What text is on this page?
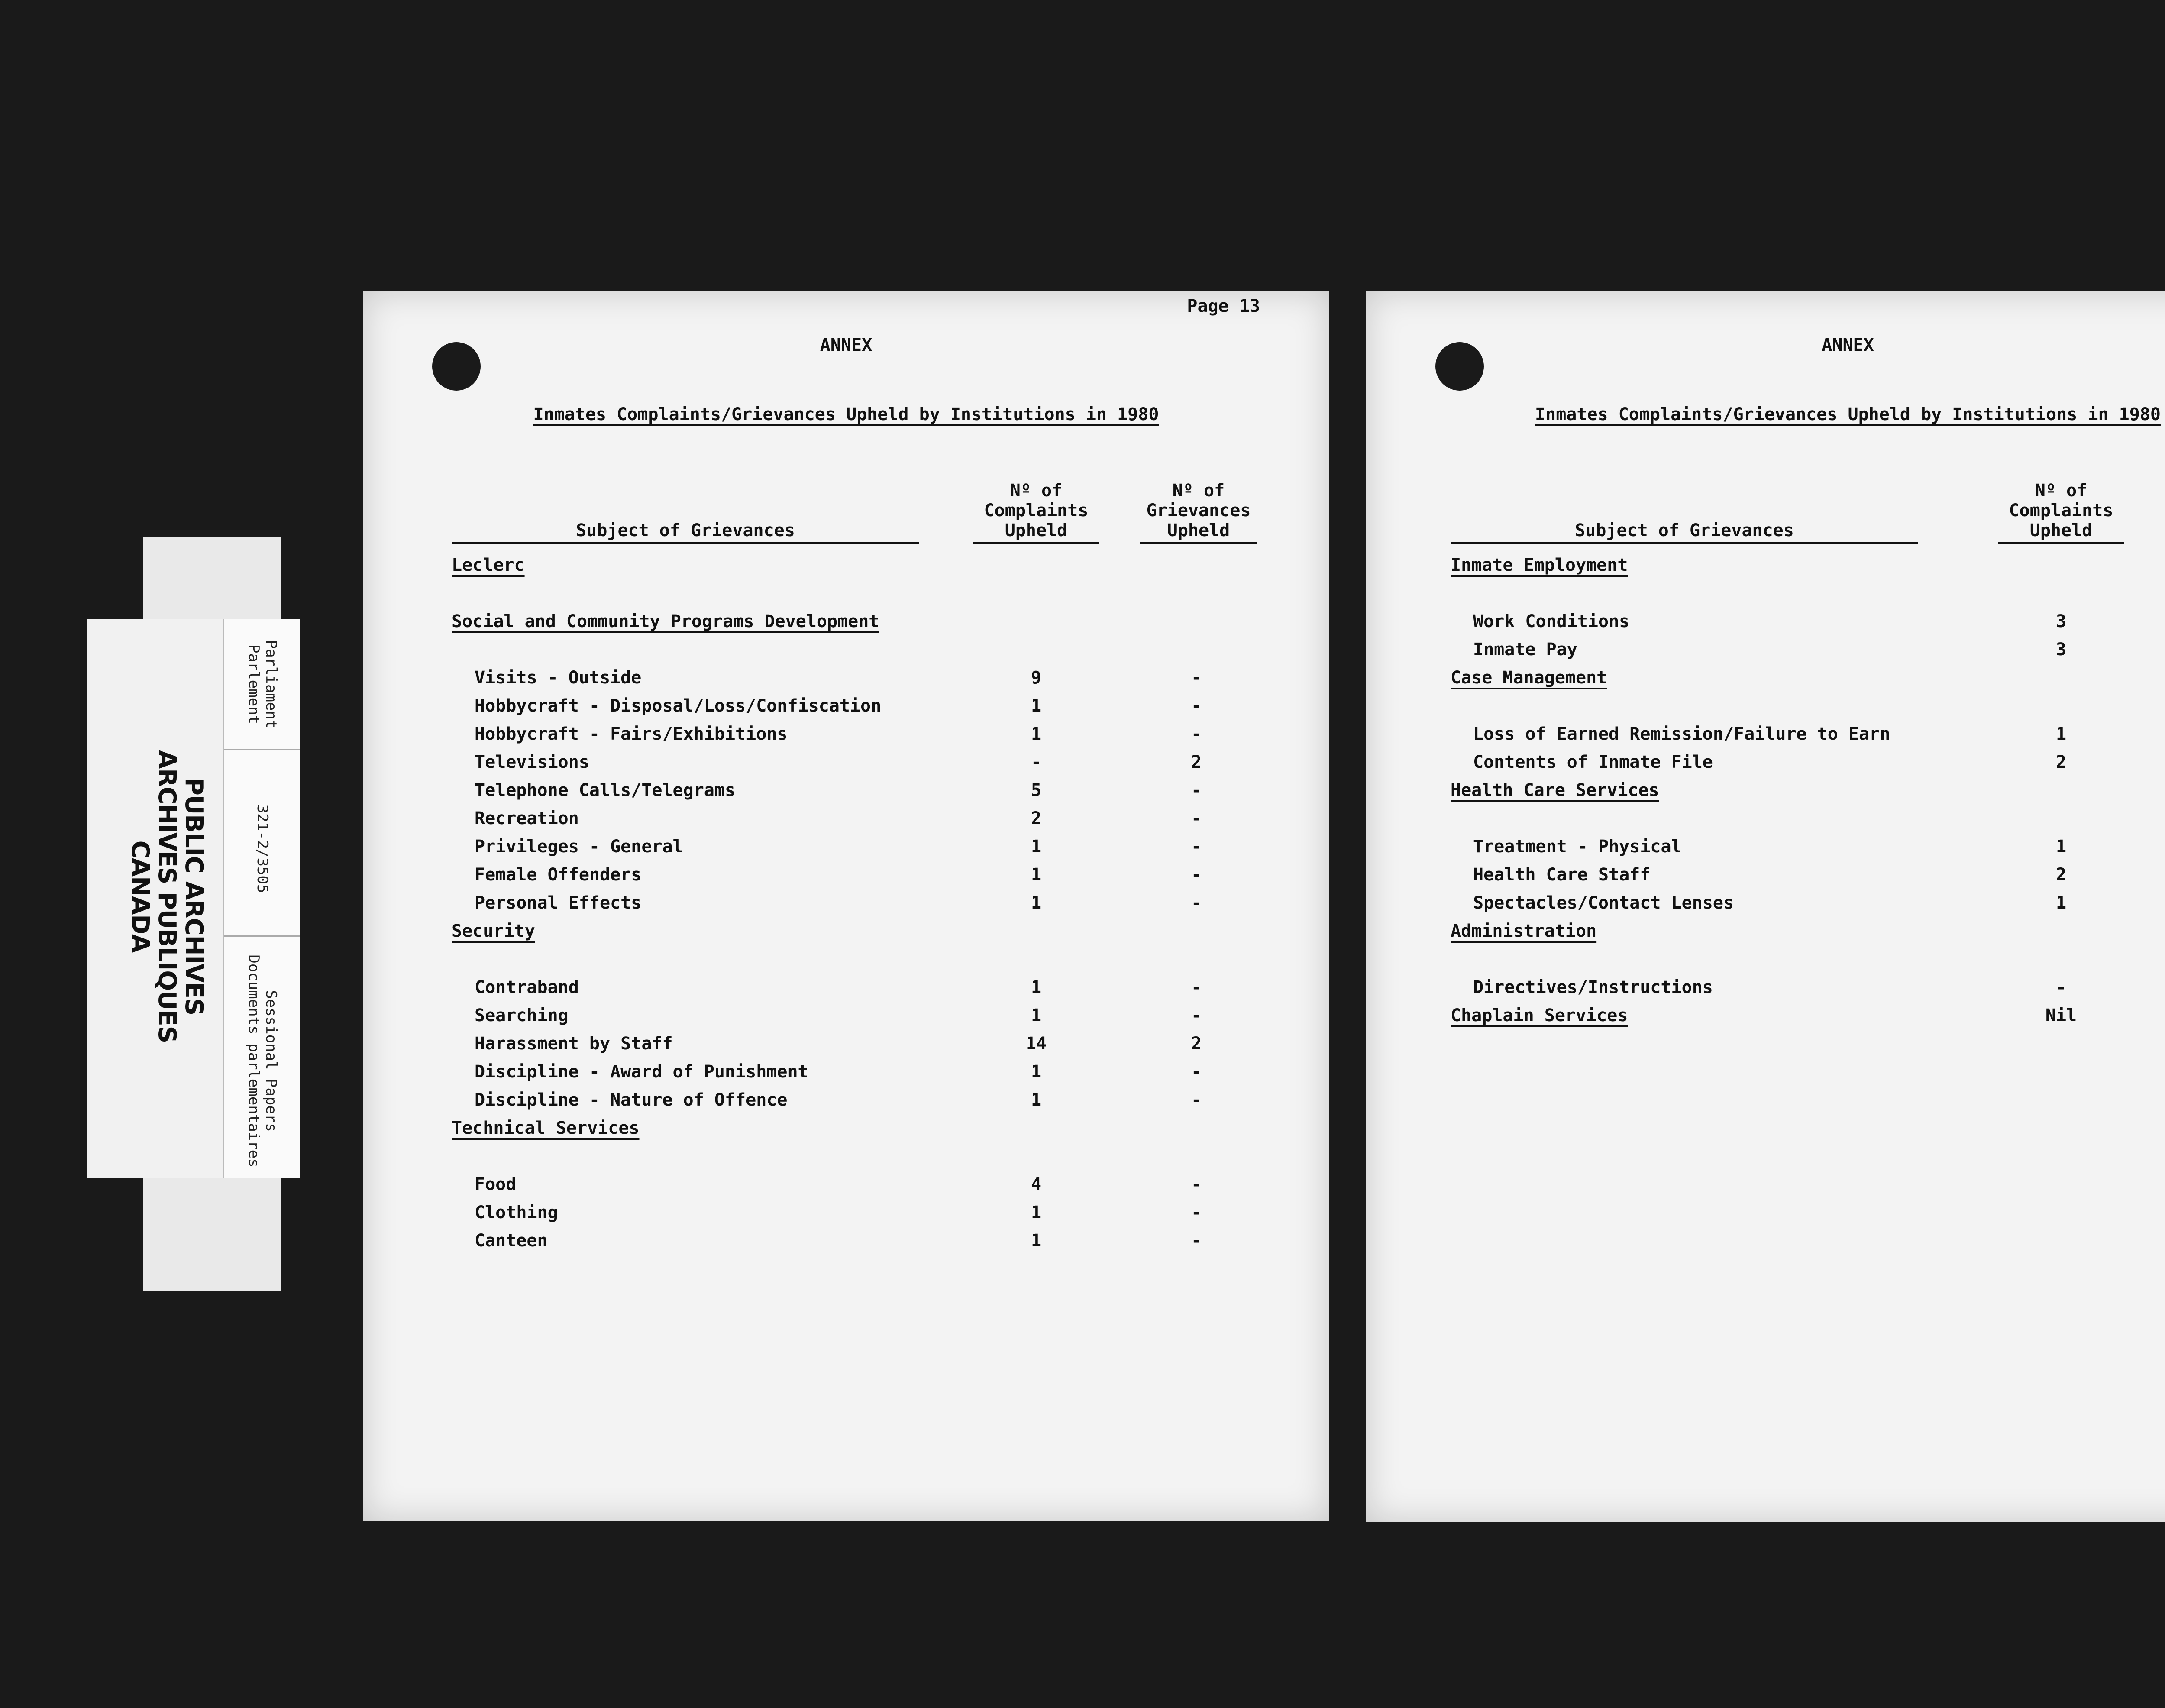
PUBLIC ARCHIVES
ARCHIVES PUBLIQUES
CANADA
Parliament
Parlement
321-2/3505
Sessional Papers
Documents parlementaires
Page 13
ANNEX
Inmates Complaints/Grievances Upheld by Institutions in 1980
Subject of Grievances
Nº of
Complaints
Upheld
Nº of
Grievances
Upheld
Leclerc
Social and Community Programs Development
Visits - Outside	9	-
Hobbycraft - Disposal/Loss/Confiscation	1	-
Hobbycraft - Fairs/Exhibitions	1	-
Televisions	-	2
Telephone Calls/Telegrams	5	-
Recreation	2	-
Privileges - General	1	-
Female Offenders	1	-
Personal Effects	1	-
Security
Contraband	1	-
Searching	1	-
Harassment by Staff	14	2
Discipline - Award of Punishment	1	-
Discipline - Nature of Offence	1	-
Technical Services
Food	4	-
Clothing	1	-
Canteen	1	-
ANNEX
Inmates Complaints/Grievances Upheld by Institutions in 1980
Subject of Grievances
Nº of
Complaints
Upheld
Inmate Employment
Work Conditions	3
Inmate Pay	3
Case Management
Loss of Earned Remission/Failure to Earn	1
Contents of Inmate File	2
Health Care Services
Treatment - Physical	1
Health Care Staff	2
Spectacles/Contact Lenses	1
Administration
Directives/Instructions	-
Chaplain Services	Nil
